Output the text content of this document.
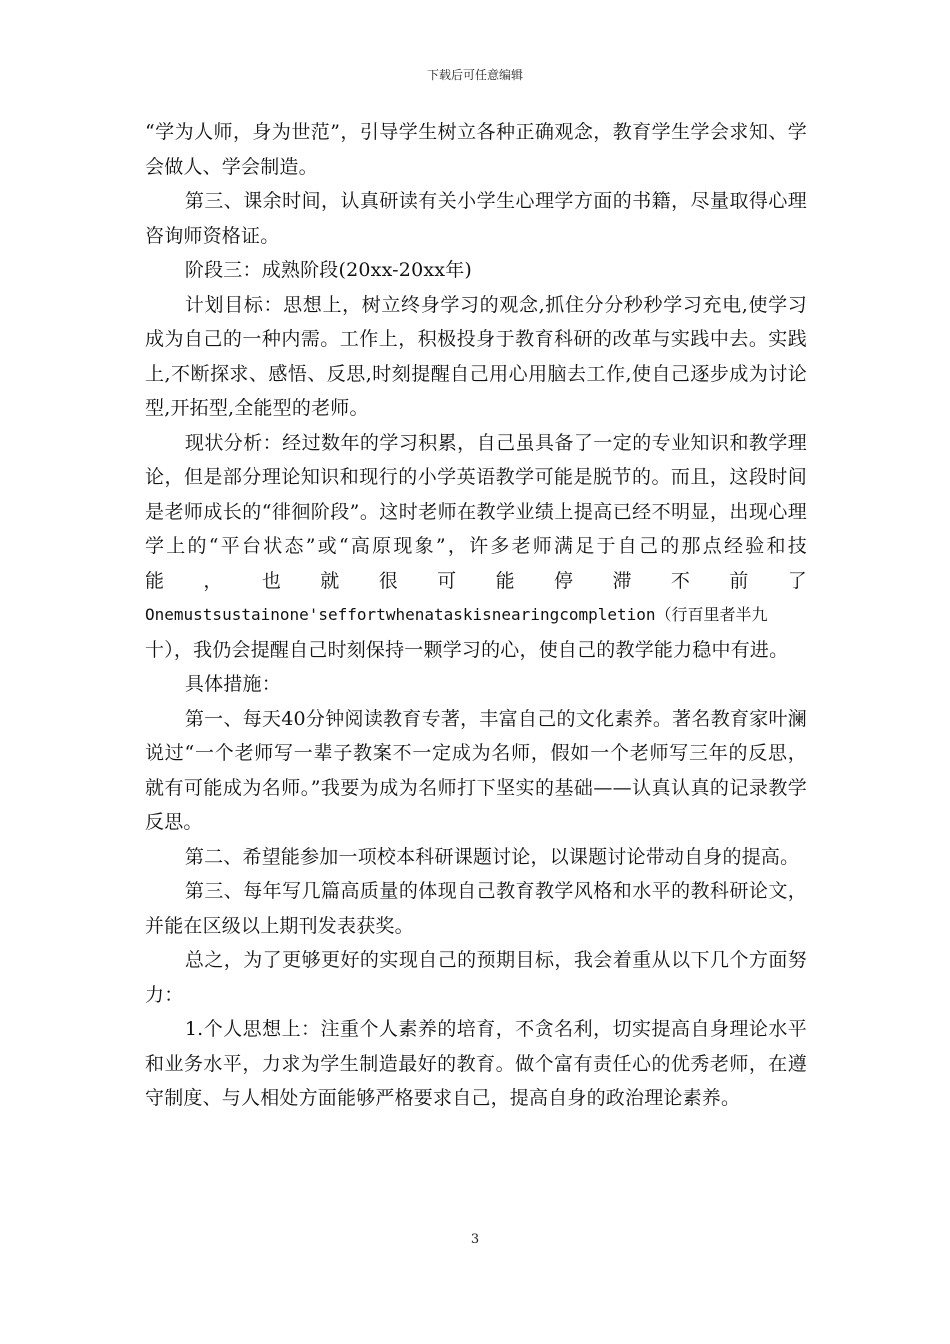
下载后可任意编辑

“学为人师，身为世范”，引导学生树立各种正确观念，教育学生学会求知、学会做人、学会制造。

第三、课余时间，认真研读有关小学生心理学方面的书籍，尽量取得心理咨询师资格证。

阶段三：成熟阶段(20xx-20xx年)

计划目标：思想上，树立终身学习的观念,抓住分分秒秒学习充电,使学习成为自己的一种内需。工作上，积极投身于教育科研的改革与实践中去。实践上,不断探求、感悟、反思,时刻提醒自己用心用脑去工作,使自己逐步成为讨论型,开拓型,全能型的老师。

现状分析：经过数年的学习积累，自己虽具备了一定的专业知识和教学理论，但是部分理论知识和现行的小学英语教学可能是脱节的。而且，这段时间是老师成长的“徘徊阶段”。这时老师在教学业绩上提高已经不明显，出现心理学上的“平台状态”或“高原现象”，许多老师满足于自己的那点经验和技

能，也就很可能停滞不前了

Onemustsustainone'seffortwhenataskisnearingcompletion（行百里者半九

十），我仍会提醒自己时刻保持一颗学习的心，使自己的教学能力稳中有进。

具体措施：

第一、每天40分钟阅读教育专著，丰富自己的文化素养。著名教育家叶澜说过“一个老师写一辈子教案不一定成为名师，假如一个老师写三年的反思，就有可能成为名师。”我要为成为名师打下坚实的基础——认真认真的记录教学反思。

第二、希望能参加一项校本科研课题讨论，以课题讨论带动自身的提高。

第三、每年写几篇高质量的体现自己教育教学风格和水平的教科研论文，并能在区级以上期刊发表获奖。

总之，为了更够更好的实现自己的预期目标，我会着重从以下几个方面努力：

1.个人思想上：注重个人素养的培育，不贪名利，切实提高自身理论水平和业务水平，力求为学生制造最好的教育。做个富有责任心的优秀老师，在遵守制度、与人相处方面能够严格要求自己，提高自身的政治理论素养。

3
